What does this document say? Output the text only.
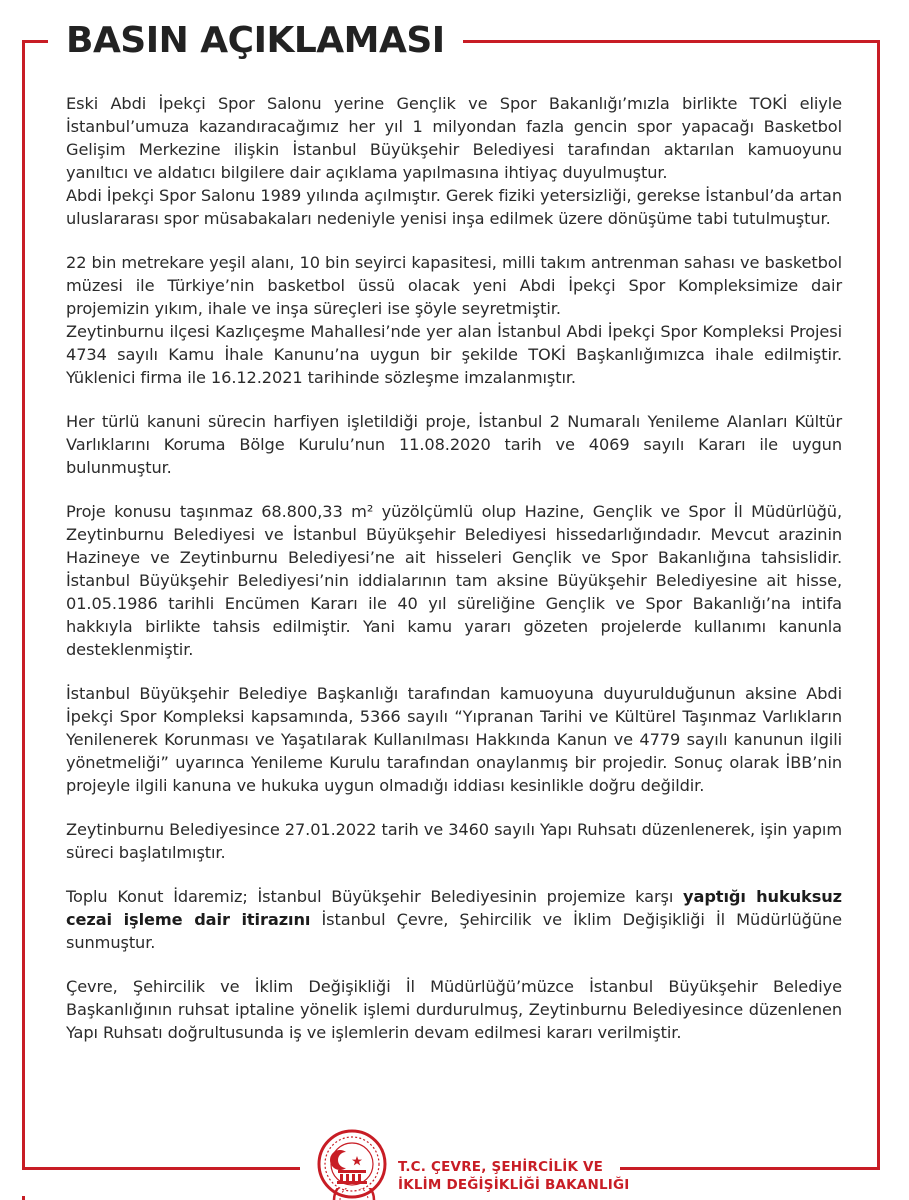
BASIN AÇIKLAMASI

Eski Abdi İpekçi Spor Salonu yerine Gençlik ve Spor Bakanlığı’mızla birlikte TOKİ eliyle İstanbul’umuza kazandıracağımız her yıl 1 milyondan fazla gencin spor yapacağı Basketbol Gelişim Merkezine ilişkin İstanbul Büyükşehir Belediyesi tarafından aktarılan kamuoyunu yanıltıcı ve aldatıcı bilgilere dair açıklama yapılmasına ihtiyaç duyulmuştur.

Abdi İpekçi Spor Salonu 1989 yılında açılmıştır. Gerek fiziki yetersizliği, gerekse İstanbul’da artan uluslararası spor müsabakaları nedeniyle yenisi inşa edilmek üzere dönüşüme tabi tutulmuştur.

22 bin metrekare yeşil alanı, 10 bin seyirci kapasitesi, milli takım antrenman sahası ve basketbol müzesi ile Türkiye’nin basketbol üssü olacak yeni Abdi İpekçi Spor Kompleksimize dair projemizin yıkım, ihale ve inşa süreçleri ise şöyle seyretmiştir.

Zeytinburnu ilçesi Kazlıçeşme Mahallesi’nde yer alan İstanbul Abdi İpekçi Spor Kompleksi Projesi 4734 sayılı Kamu İhale Kanunu’na uygun bir şekilde TOKİ Başkanlığımızca ihale edilmiştir. Yüklenici firma ile 16.12.2021 tarihinde sözleşme imzalanmıştır.

Her türlü kanuni sürecin harfiyen işletildiği proje, İstanbul 2 Numaralı Yenileme Alanları Kültür Varlıklarını Koruma Bölge Kurulu’nun 11.08.2020 tarih ve 4069 sayılı Kararı ile uygun bulunmuştur.

Proje konusu taşınmaz 68.800,33 m² yüzölçümlü olup Hazine, Gençlik ve Spor İl Müdürlüğü, Zeytinburnu Belediyesi ve İstanbul Büyükşehir Belediyesi hissedarlığındadır. Mevcut arazinin Hazineye ve Zeytinburnu Belediyesi’ne ait hisseleri Gençlik ve Spor Bakanlığına tahsislidir. İstanbul Büyükşehir Belediyesi’nin iddialarının tam aksine Büyükşehir Belediyesine ait hisse, 01.05.1986 tarihli Encümen Kararı ile 40 yıl süreliğine Gençlik ve Spor Bakanlığı’na intifa hakkıyla birlikte tahsis edilmiştir. Yani kamu yararı gözeten projelerde kullanımı kanunla desteklenmiştir.

İstanbul Büyükşehir Belediye Başkanlığı tarafından kamuoyuna duyurulduğunun aksine Abdi İpekçi Spor Kompleksi kapsamında, 5366 sayılı “Yıpranan Tarihi ve Kültürel Taşınmaz Varlıkların Yenilenerek Korunması ve Yaşatılarak Kullanılması Hakkında Kanun ve 4779 sayılı kanunun ilgili yönetmeliği” uyarınca Yenileme Kurulu tarafından onaylanmış bir projedir. Sonuç olarak İBB’nin projeyle ilgili kanuna ve hukuka uygun olmadığı iddiası kesinlikle doğru değildir.

Zeytinburnu Belediyesince 27.01.2022 tarih ve 3460 sayılı Yapı Ruhsatı düzenlenerek, işin yapım süreci başlatılmıştır.

Toplu Konut İdaremiz; İstanbul Büyükşehir Belediyesinin projemize karşı yaptığı hukuksuz cezai işleme dair itirazını İstanbul Çevre, Şehircilik ve İklim Değişikliği İl Müdürlüğüne sunmuştur.

Çevre, Şehircilik ve İklim Değişikliği İl Müdürlüğü’müzce İstanbul Büyükşehir Belediye Başkanlığının ruhsat iptaline yönelik işlemi durdurulmuş, Zeytinburnu Belediyesince düzenlenen Yapı Ruhsatı doğrultusunda iş ve işlemlerin devam edilmesi kararı verilmiştir.

T.C. ÇEVRE, ŞEHİRCİLİK VE
İKLİM DEĞİŞİKLİĞİ BAKANLIĞI
